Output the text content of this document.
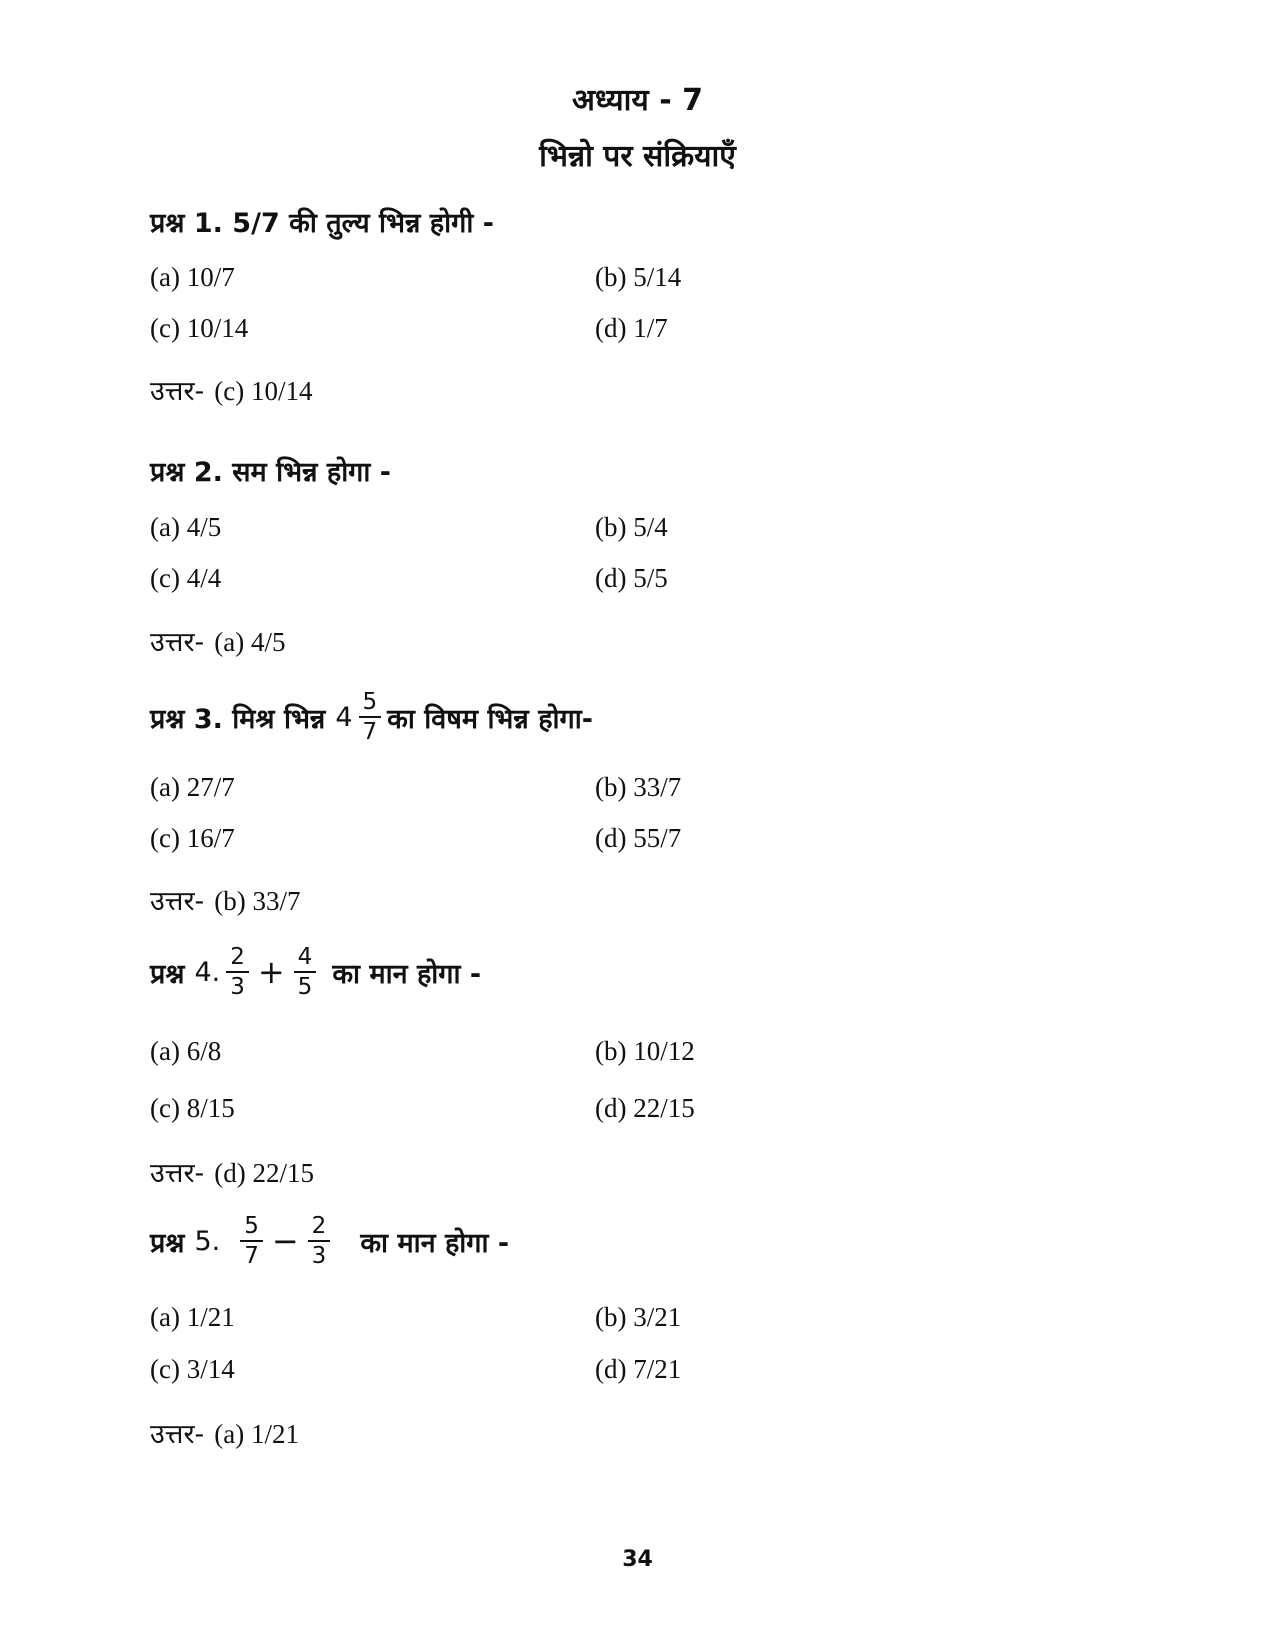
अध्याय - 7
भिन्नो पर संक्रियाएँ
प्रश्न 1. 5/7 की तुल्य भिन्न होगी -
(a) 10/7	(b) 5/14
(c) 10/14	(d) 1/7
उत्तर- (c) 10/14
प्रश्न 2. सम भिन्न होगा -
(a) 4/5	(b) 5/4
(c) 4/4	(d) 5/5
उत्तर- (a) 4/5
प्रश्न 3. मिश्र भिन्न $4 \frac{5}{7}$ का विषम भिन्न होगा-
(a) 27/7	(b) 33/7
(c) 16/7	(d) 55/7
उत्तर- (b) 33/7
प्रश्न 4. $\frac{2}{3} + \frac{4}{5}$ का मान होगा -
(a) 6/8	(b) 10/12
(c) 8/15	(d) 22/15
उत्तर- (d) 22/15
प्रश्न 5. $\frac{5}{7} - \frac{2}{3}$ का मान होगा -
(a) 1/21	(b) 3/21
(c) 3/14	(d) 7/21
उत्तर- (a) 1/21
34
